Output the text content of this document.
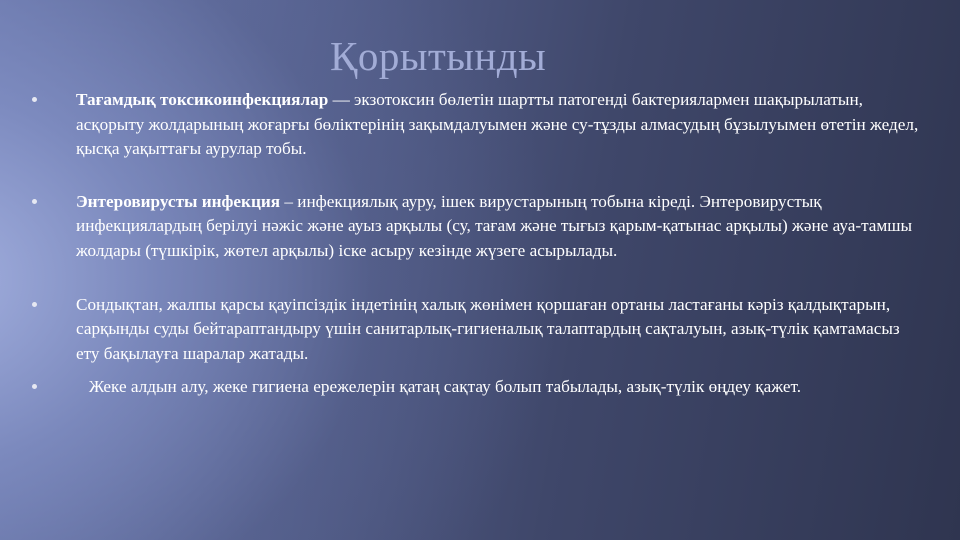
Қорытынды
Тағамдық токсикоинфекциялар — экзотоксин бөлетін шартты патогенді бактериялармен шақырылатын, асқорыту жолдарының жоғарғы бөліктерінің зақымдалуымен және су-тұзды алмасудың бұзылуымен өтетін жедел, қысқа уақыттағы аурулар тобы.
Энтеровирусты инфекция – инфекциялық ауру, ішек вирустарының тобына кіреді. Энтеровирустық инфекциялардың берілуі нәжіс және ауыз арқылы (су, тағам және тығыз қарым-қатынас арқылы) және ауа-тамшы жолдары (түшкірік, жөтел арқылы) іске асыру кезінде жүзеге асырылады.
Сондықтан, жалпы қарсы қауіпсіздік індетінің халық жөнімен қоршаған ортаны ластағаны кәріз қалдықтарын, сарқынды суды бейтараптандыру үшін санитарлық-гигиеналық талаптардың сақталуын, азық-түлік қамтамасыз ету бақылауға шаралар жатады.
Жеке алдын алу, жеке гигиена ережелерін қатаң сақтау болып табылады, азық-түлік өңдеу қажет.
